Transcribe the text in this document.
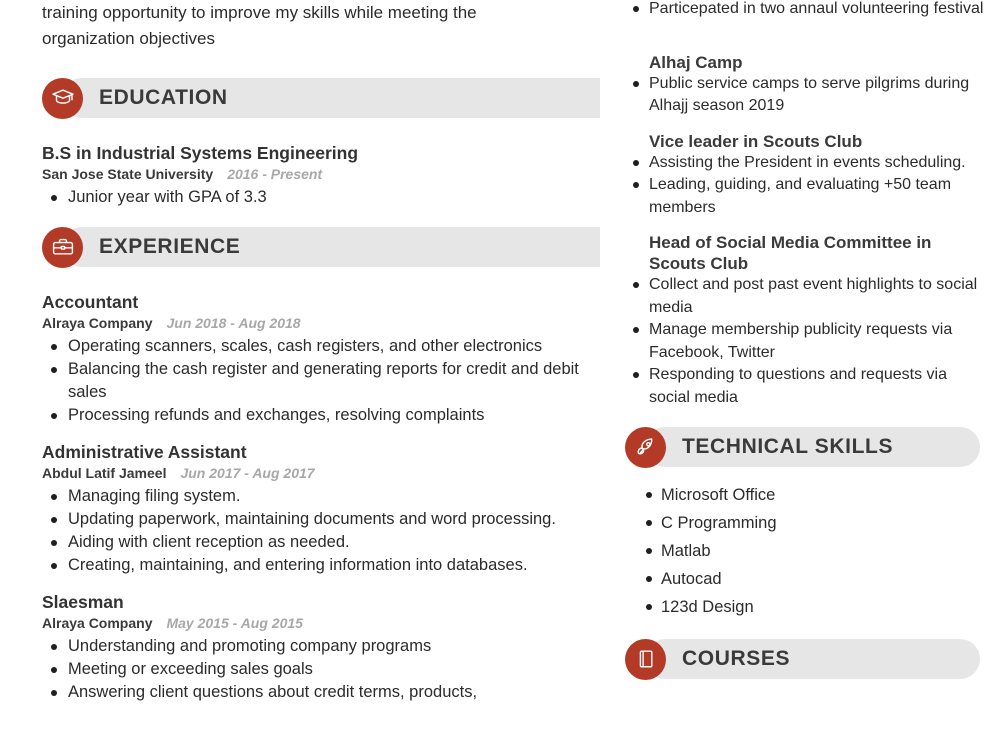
training opportunity to improve my skills while meeting the
organization objectives
EDUCATION
B.S in Industrial Systems Engineering
San Jose State University 2016 - Present
Junior year with GPA of 3.3
EXPERIENCE
Accountant
Alraya Company Jun 2018 - Aug 2018
Operating scanners, scales, cash registers, and other electronics
Balancing the cash register and generating reports for credit and debit sales
Processing refunds and exchanges, resolving complaints
Administrative Assistant
Abdul Latif Jameel Jun 2017 - Aug 2017
Managing filing system.
Updating paperwork, maintaining documents and word processing.
Aiding with client reception as needed.
Creating, maintaining, and entering information into databases.
Slaesman
Alraya Company May 2015 - Aug 2015
Understanding and promoting company programs
Meeting or exceeding sales goals
Answering client questions about credit terms, products,
Particepated in two annaul volunteering festival
Alhaj Camp
Public service camps to serve pilgrims during Alhajj season 2019
Vice leader in Scouts Club
Assisting the President in events scheduling.
Leading, guiding, and evaluating +50 team members
Head of Social Media Committee in Scouts Club
Collect and post past event highlights to social media
Manage membership publicity requests via Facebook, Twitter
Responding to questions and requests via social media
TECHNICAL SKILLS
Microsoft Office
C Programming
Matlab
Autocad
123d Design
COURSES
